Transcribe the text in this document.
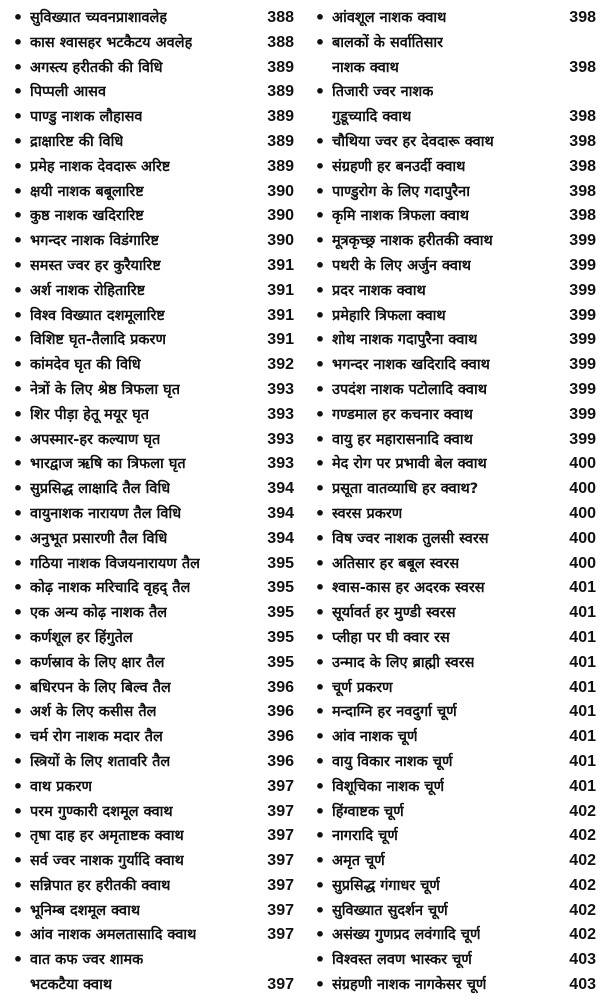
• सुविख्यात च्यवनप्राशावलेह	388
• कास श्वासहर भटकैटय अवलेह	388
• अगस्त्य हरीतकी की विधि	389
• पिप्पली आसव	389
• पाण्डु नाशक लौहासव	389
• द्राक्षारिष्ट की विधि	389
• प्रमेह नाशक देवदारू अरिष्ट	389
• क्षयी नाशक बबूलारिष्ट	390
• कुष्ठ नाशक खदिरारिष्ट	390
• भगन्दर नाशक विडंगारिष्ट	390
• समस्त ज्वर हर कुरैयारिष्ट	391
• अर्श नाशक रोहितारिष्ट	391
• विश्व विख्यात दशमूलारिष्ट	391
• विशिष्ट घृत-तैलादि प्रकरण	391
• कांमदेव घृत की विधि	392
• नेत्रों के लिए श्रेष्ठ त्रिफला घृत	393
• शिर पीड़ा हेतू मयूर घृत	393
• अपस्मार-हर कल्याण घृत	393
• भारद्वाज ऋषि का त्रिफला घृत	393
• सुप्रसिद्ध लाक्षादि तैल विधि	394
• वायुनाशक नारायण तैल विधि	394
• अनुभूत प्रसारणी तैल विधि	394
• गठिया नाशक विजयनारायण तैल	395
• कोढ़ नाशक मरिचादि वृहद् तैल	395
• एक अन्य कोढ़ नाशक तैल	395
• कर्णशूल हर हिंगुतेल	395
• कर्णस्राव के लिए क्षार तैल	395
• बधिरपन के लिए बिल्व तैल	396
• अर्श के लिए कसीस तैल	396
• चर्म रोग नाशक मदार तैल	396
• स्त्रियों के लिए शतावरि तैल	396
• वाथ प्रकरण	397
• परम गुण्कारी दशमूल क्वाथ	397
• तृषा दाह हर अमृताष्टक क्वाथ	397
• सर्व ज्वर नाशक गुर्यादि क्वाथ	397
• सन्निपात हर हरीतकी क्वाथ	397
• भूनिम्ब दशमूल क्वाथ	397
• आंव नाशक अमलतासादि क्वाथ	397
• वात कफ ज्वर शामक
भटकटैया क्वाथ	397
• आंवशूल नाशक क्वाथ	398
• बालकों के सर्वातिसार
नाशक क्वाथ	398
• तिजारी ज्वर नाशक
गुडूच्यादि क्वाथ	398
• चौथिया ज्वर हर देवदारू क्वाथ	398
• संग्रहणी हर बनउर्दी क्वाथ	398
• पाण्डुरोग के लिए गदापुरैना	398
• कृमि नाशक त्रिफला क्वाथ	398
• मूत्रकृच्छ्र नाशक हरीतकी क्वाथ	399
• पथरी के लिए अर्जुन क्वाथ	399
• प्रदर नाशक क्वाथ	399
• प्रमेहारि त्रिफला क्वाथ	399
• शोथ नाशक गदापुरैना क्वाथ	399
• भगन्दर नाशक खदिरादि क्वाथ	399
• उपदंश नाशक पटोलादि क्वाथ	399
• गण्डमाल हर कचनार क्वाथ	399
• वायु हर महारासनादि क्वाथ	399
• मेद रोग पर प्रभावी बेल क्वाथ	400
• प्रसूता वातव्याधि हर क्वाथ?	400
• स्वरस प्रकरण	400
• विष ज्वर नाशक तुलसी स्वरस	400
• अतिसार हर बबूल स्वरस	400
• श्वास-कास हर अदरक स्वरस	401
• सूर्यावर्त हर मुण्डी स्वरस	401
• प्लीहा पर घी क्वार रस	401
• उन्माद के लिए ब्राह्मी स्वरस	401
• चूर्ण प्रकरण	401
• मन्दाग्नि हर नवदुर्गा चूर्ण	401
• आंव नाशक चूर्ण	401
• वायु विकार नाशक चूर्ण	401
• विशूचिका नाशक चूर्ण	401
• हिंग्वाष्टक चूर्ण	402
• नागरादि चूर्ण	402
• अमृत चूर्ण	402
• सुप्रसिद्ध गंगाधर चूर्ण	402
• सुविख्यात सुदर्शन चूर्ण	402
• असंख्य गुणप्रद लवंगादि चूर्ण	402
• विश्वस्त लवण भास्कर चूर्ण	403
• संग्रहणी नाशक नागकेसर चूर्ण	403
